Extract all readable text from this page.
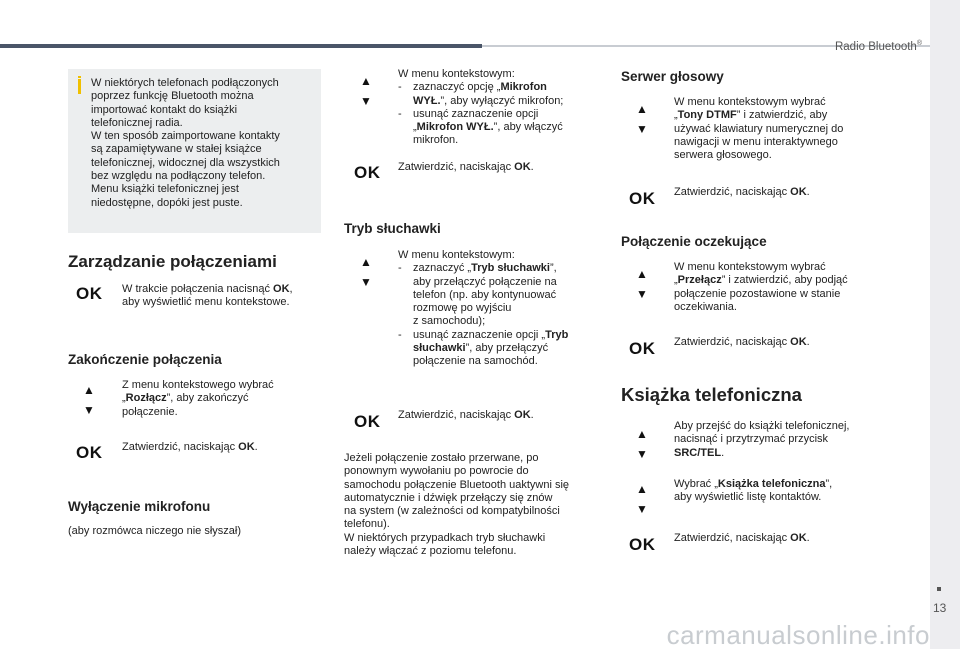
Radio Bluetooth®
13
W niektórych telefonach podłączonych
poprzez funkcję Bluetooth można
importować kontakt do książki
telefonicznej radia.
W ten sposób zaimportowane kontakty
są zapamiętywane w stałej książce
telefonicznej, widocznej dla wszystkich
bez względu na podłączony telefon.
Menu książki telefonicznej jest
niedostępne, dopóki jest puste.
Zarządzanie połączeniami
OK W trakcie połączenia nacisnąć OK,
aby wyświetlić menu kontekstowe.
Zakończenie połączenia
▲
▼
Z menu kontekstowego wybrać
„Rozłącz”, aby zakończyć
połączenie.
OK Zatwierdzić, naciskając OK.
Wyłączenie mikrofonu
(aby rozmówca niczego nie słyszał)
▲
▼
W menu kontekstowym:
- zaznaczyć opcję „Mikrofon
WYŁ.”, aby wyłączyć mikrofon;
- usunąć zaznaczenie opcji
„Mikrofon WYŁ.”, aby włączyć
mikrofon.
OK Zatwierdzić, naciskając OK.
Tryb słuchawki
▲
▼
W menu kontekstowym:
- zaznaczyć „Tryb słuchawki”,
aby przełączyć połączenie na
telefon (np. aby kontynuować
rozmowę po wyjściu
z samochodu);
- usunąć zaznaczenie opcji „Tryb
słuchawki”, aby przełączyć
połączenie na samochód.
OK Zatwierdzić, naciskając OK.
Jeżeli połączenie zostało przerwane, po
ponownym wywołaniu po powrocie do
samochodu połączenie Bluetooth uaktywni się
automatycznie i dźwięk przełączy się znów
na system (w zależności od kompatybilności
telefonu).
W niektórych przypadkach tryb słuchawki
należy włączać z poziomu telefonu.
Serwer głosowy
▲
▼
W menu kontekstowym wybrać
„Tony DTMF” i zatwierdzić, aby
używać klawiatury numerycznej do
nawigacji w menu interaktywnego
serwera głosowego.
OK Zatwierdzić, naciskając OK.
Połączenie oczekujące
▲
▼
W menu kontekstowym wybrać
„Przełącz” i zatwierdzić, aby podjąć
połączenie pozostawione w stanie
oczekiwania.
OK Zatwierdzić, naciskając OK.
Książka telefoniczna
▲
▼
Aby przejść do książki telefonicznej,
nacisnąć i przytrzymać przycisk
SRC/TEL.
▲
▼
Wybrać „Książka telefoniczna”,
aby wyświetlić listę kontaktów.
OK Zatwierdzić, naciskając OK.
carmanualsonline.info
